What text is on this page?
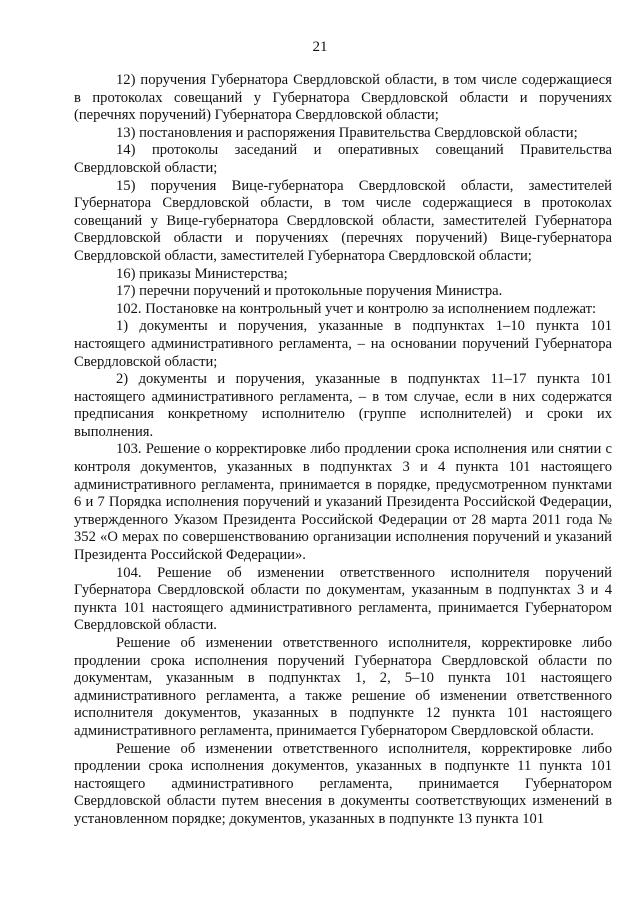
21

12) поручения Губернатора Свердловской области, в том числе содержащиеся в протоколах совещаний у Губернатора Свердловской области и поручениях (перечнях поручений) Губернатора Свердловской области;

13) постановления и распоряжения Правительства Свердловской области;

14) протоколы заседаний и оперативных совещаний Правительства Свердловской области;

15) поручения Вице-губернатора Свердловской области, заместителей Губернатора Свердловской области, в том числе содержащиеся в протоколах совещаний у Вице-губернатора Свердловской области, заместителей Губернатора Свердловской области и поручениях (перечнях поручений) Вице-губернатора Свердловской области, заместителей Губернатора Свердловской области;

16) приказы Министерства;

17) перечни поручений и протокольные поручения Министра.

102. Постановке на контрольный учет и контролю за исполнением подлежат:

1) документы и поручения, указанные в подпунктах 1–10 пункта 101 настоящего административного регламента, – на основании поручений Губернатора Свердловской области;

2) документы и поручения, указанные в подпунктах 11–17 пункта 101 настоящего административного регламента, – в том случае, если в них содержатся предписания конкретному исполнителю (группе исполнителей) и сроки их выполнения.

103. Решение о корректировке либо продлении срока исполнения или снятии с контроля документов, указанных в подпунктах 3 и 4 пункта 101 настоящего административного регламента, принимается в порядке, предусмотренном пунктами 6 и 7 Порядка исполнения поручений и указаний Президента Российской Федерации, утвержденного Указом Президента Российской Федерации от 28 марта 2011 года № 352 «О мерах по совершенствованию организации исполнения поручений и указаний Президента Российской Федерации».

104. Решение об изменении ответственного исполнителя поручений Губернатора Свердловской области по документам, указанным в подпунктах 3 и 4 пункта 101 настоящего административного регламента, принимается Губернатором Свердловской области.

Решение об изменении ответственного исполнителя, корректировке либо продлении срока исполнения поручений Губернатора Свердловской области по документам, указанным в подпунктах 1, 2, 5–10 пункта 101 настоящего административного регламента, а также решение об изменении ответственного исполнителя документов, указанных в подпункте 12 пункта 101 настоящего административного регламента, принимается Губернатором Свердловской области.

Решение об изменении ответственного исполнителя, корректировке либо продлении срока исполнения документов, указанных в подпункте 11 пункта 101 настоящего административного регламента, принимается Губернатором Свердловской области путем внесения в документы соответствующих изменений в установленном порядке; документов, указанных в подпункте 13 пункта 101
